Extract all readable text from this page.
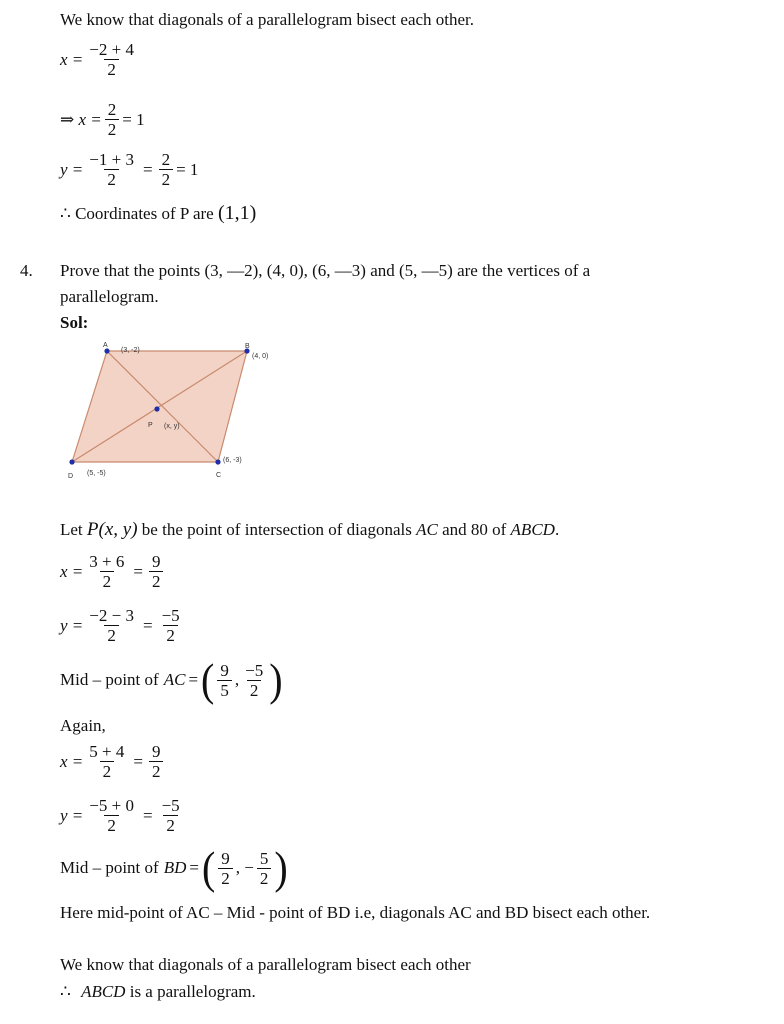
We know that diagonals of a parallelogram bisect each other.
$x = \frac{-2 + 4}{2}$
⇒ $x = \frac{2}{2} = 1$
$y = \frac{-1 + 3}{2} = \frac{2}{2} = 1$
∴ Coordinates of P are (1,1)
4. Prove that the points (3, —2), (4, 0), (6, —3) and (5, —5) are the vertices of a
parallelogram.
Sol:
A
(3, -2)
B
(4, 0)
C
(6, -3)
D (5, -5)
P (x, y)
Let P(x, y) be the point of intersection of diagonals AC and 80 of ABCD.
$x = \frac{3 + 6}{2} = \frac{9}{2}$
$y = \frac{-2 - 3}{2} = \frac{-5}{2}$
Mid – point of AC = ( $\frac{9}{5}$ , $\frac{-5}{2}$ )
Again,
$x = \frac{5 + 4}{2} = \frac{9}{2}$
$y = \frac{-5 + 0}{2} = \frac{-5}{2}$
Mid – point of BD = ( $\frac{9}{2}$ , − $\frac{5}{2}$ )
Here mid-point of AC – Mid - point of BD i.e, diagonals AC and BD bisect each other.
We know that diagonals of a parallelogram bisect each other
∴ ABCD is a parallelogram.
